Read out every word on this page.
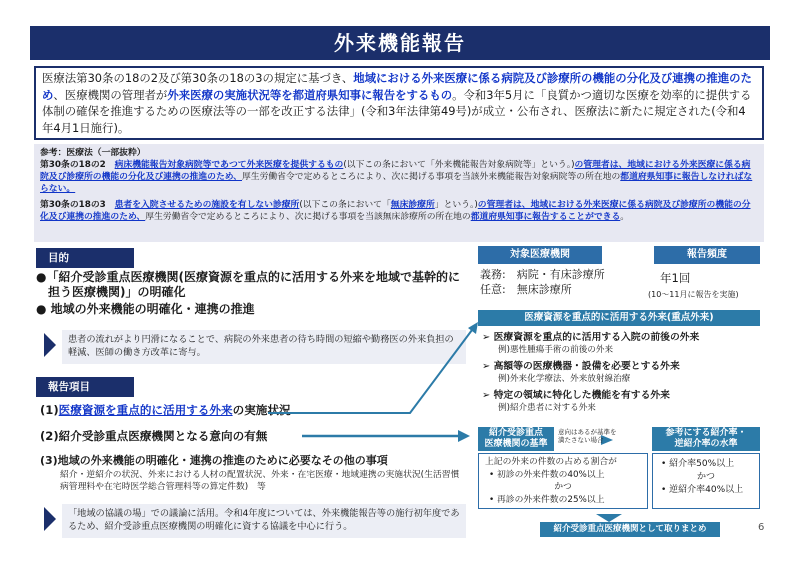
外来機能報告
医療法第30条の18の2及び第30条の18の3の規定に基づき、地域における外来医療に係る病院及び診療所の機能の分化及び連携の推進のため、医療機関の管理者が外来医療の実施状況等を都道府県知事に報告をするもの。令和3年5月に「良質かつ適切な医療を効率的に提供する体制の確保を推進するための医療法等の一部を改正する法律」(令和3年法律第49号)が成立・公布され、医療法に新たに規定された(令和4年4月1日施行)。
参考：医療法（一部抜粋）

第30条の18の2　 病床機能報告対象病院等であつて外来医療を提供するもの(以下この条において「外来機能報告対象病院等」という。)の管理者は、地域における外来医療に係る病院及び診療所の機能の分化及び連携の推進のため、厚生労働省令で定めるところにより、次に掲げる事項を当該外来機能報告対象病院等の所在地の都道府県知事に報告しなければならない。

第30条の18の3　 患者を入院させるための施設を有しない診療所(以下この条において「無床診療所」という。)の管理者は、地域における外来医療に係る病院及び診療所の機能の分化及び連携の推進のため、厚生労働省令で定めるところにより、次に掲げる事項を当該無床診療所の所在地の都道府県知事に報告することができる。

目的
●「紹介受診重点医療機関(医療資源を重点的に活用する外来を地域で基幹的に担う医療機関)」の明確化
● 地域の外来機能の明確化・連携の推進
患者の流れがより円滑になることで、病院の外来患者の待ち時間の短縮や勤務医の外来負担の軽減、医師の働き方改革に寄与。
報告項目
(1)医療資源を重点的に活用する外来の実施状況
(2)紹介受診重点医療機関となる意向の有無
(3)地域の外来機能の明確化・連携の推進のために必要なその他の事項
紹介・逆紹介の状況、外来における人材の配置状況、外来・在宅医療・地域連携の実施状況(生活習慣病管理料や在宅時医学総合管理料等の算定件数)　等
「地域の協議の場」での議論に活用。令和4年度については、外来機能報告等の施行初年度であるため、紹介受診重点医療機関の明確化に資する協議を中心に行う。
対象医療機関
義務:　病院・有床診療所
任意:　無床診療所
報告頻度
年1回
(10～11月に報告を実施)
医療資源を重点的に活用する外来(重点外来)
➢ 医療資源を重点的に活用する入院の前後の外来
例)悪性腫瘍手術の前後の外来
➢ 高額等の医療機器・設備を必要とする外来
例)外来化学療法、外来放射線治療
➢ 特定の領域に特化した機能を有する外来
例)紹介患者に対する外来
紹介受診重点
医療機関の基準
意向はあるが基準を
満たさない場合
参考にする紹介率・
逆紹介率の水準
上記の外来の件数の占める割合が
• 初診の外来件数の40%以上
かつ
• 再診の外来件数の25%以上
• 紹介率50%以上
かつ
• 逆紹介率40%以上
紹介受診重点医療機関として取りまとめ	6
